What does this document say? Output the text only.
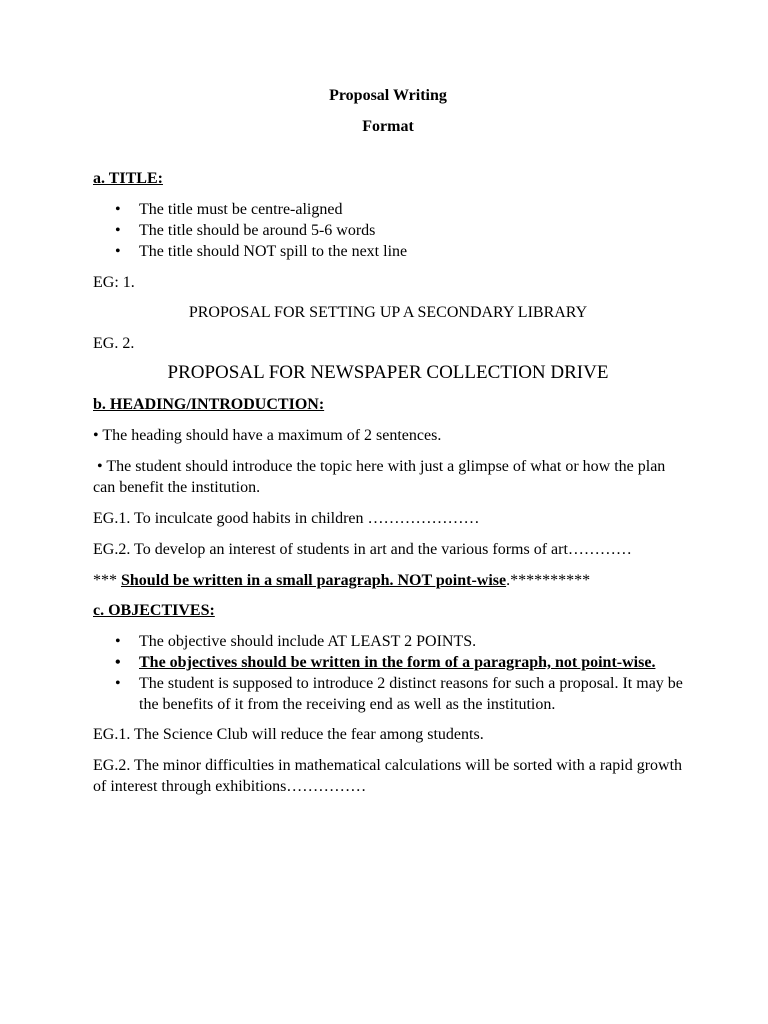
Proposal Writing

Format

a. TITLE:

• The title must be centre-aligned
• The title should be around 5-6 words
• The title should NOT spill to the next line

EG: 1.

PROPOSAL FOR SETTING UP A SECONDARY LIBRARY

EG. 2.

PROPOSAL FOR NEWSPAPER COLLECTION DRIVE

b. HEADING/INTRODUCTION:

• The heading should have a maximum of 2 sentences.

• The student should introduce the topic here with just a glimpse of what or how the plan can benefit the institution.

EG.1. To inculcate good habits in children …………………

EG.2. To develop an interest of students in art and the various forms of art…………

*** Should be written in a small paragraph. NOT point-wise.**********

c. OBJECTIVES:

• The objective should include AT LEAST 2 POINTS.
• The objectives should be written in the form of a paragraph, not point-wise.
• The student is supposed to introduce 2 distinct reasons for such a proposal. It may be the benefits of it from the receiving end as well as the institution.

EG.1. The Science Club will reduce the fear among students.

EG.2. The minor difficulties in mathematical calculations will be sorted with a rapid growth of interest through exhibitions……………
